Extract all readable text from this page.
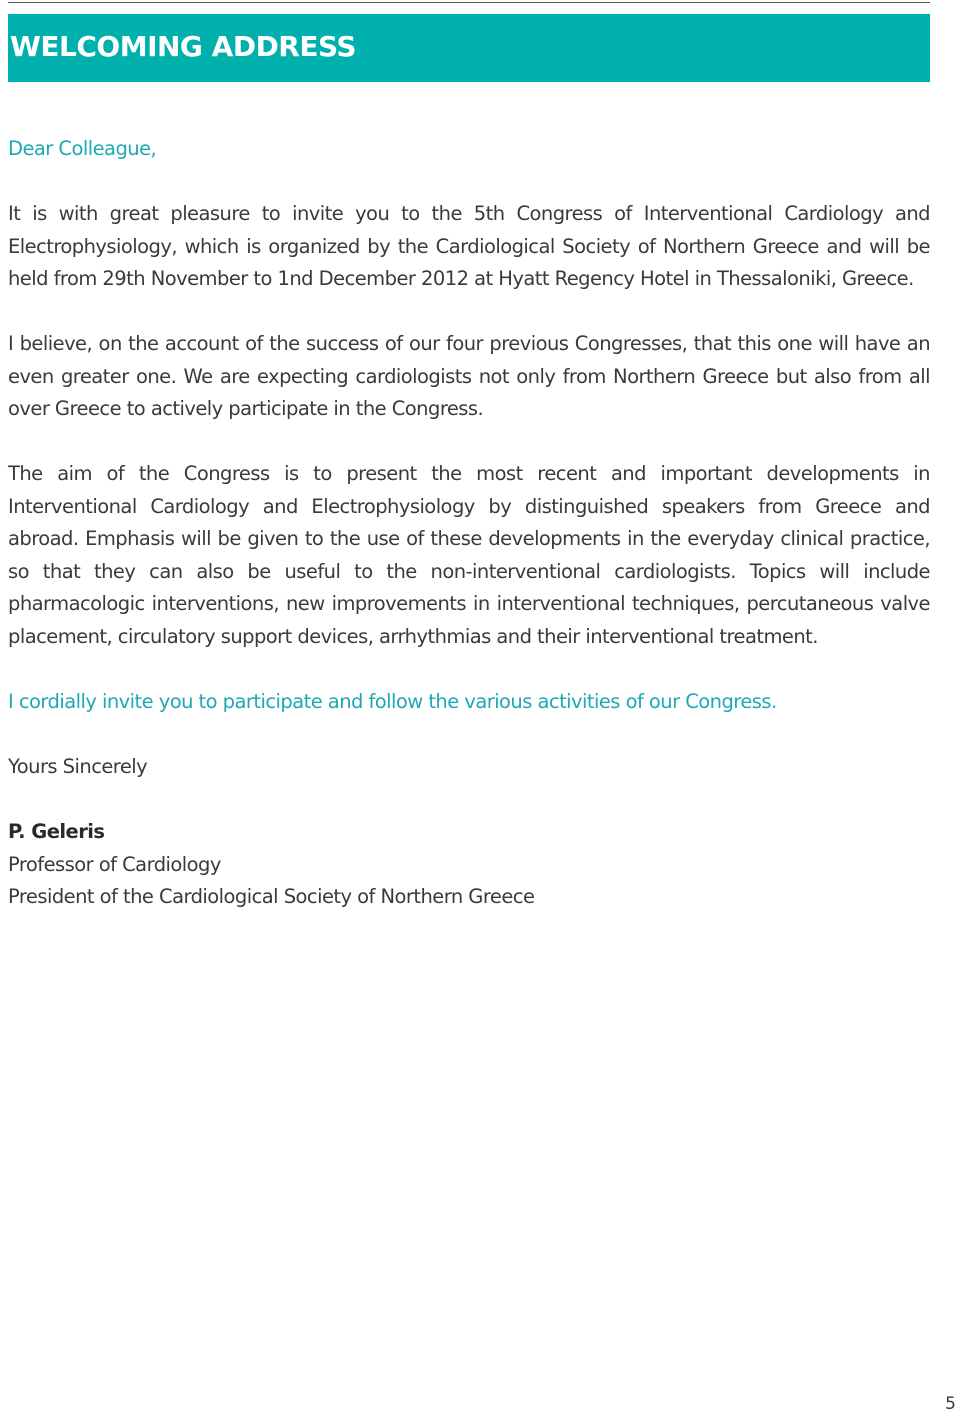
WELCOMING ADDRESS

Dear Colleague,

It is with great pleasure to invite you to the 5th Congress of Interventional Cardiology and Electrophysiology, which is organized by the Cardiological Society of Northern Greece and will be held from 29th November to 1nd December 2012 at Hyatt Regency Hotel in Thessaloniki, Greece.

I believe, on the account of the success of our four previous Congresses, that this one will have an even greater one. We are expecting cardiologists not only from Northern Greece but also from all over Greece to actively participate in the Congress.

The aim of the Congress is to present the most recent and important developments in Interventional Cardiology and Electrophysiology by distinguished speakers from Greece and abroad. Emphasis will be given to the use of these developments in the everyday clinical practice, so that they can also be useful to the non-interventional cardiologists. Topics will include pharmacologic interventions, new improvements in interventional techniques, percutaneous valve placement, circulatory support devices, arrhythmias and their interventional treatment.

I cordially invite you to participate and follow the various activities of our Congress.

Yours Sincerely

P. Geleris
Professor of Cardiology
President of the Cardiological Society of Northern Greece
5
